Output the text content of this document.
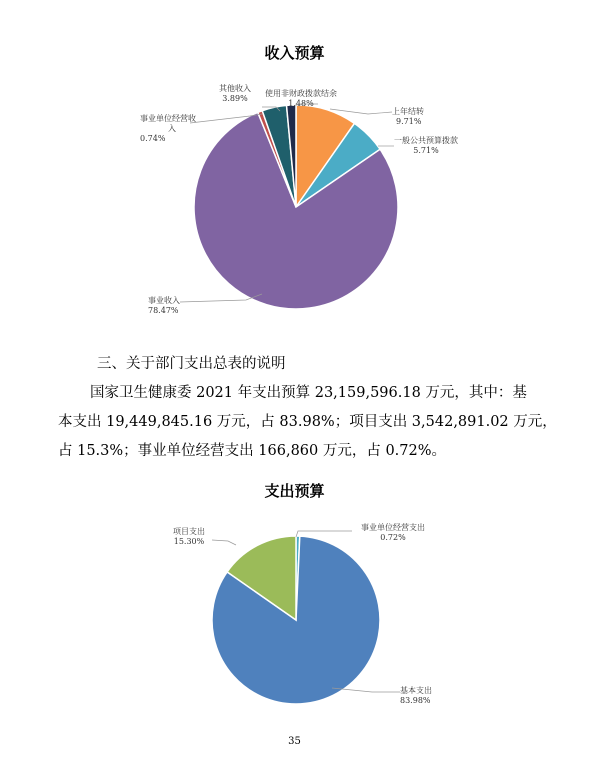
收入预算
其他收入
3.89%
使用非财政拨款结余
1.48%
事业单位经营收
入
0.74%
上年结转
9.71%
一般公共预算拨款
5.71%
事业收入
78.47%
三、关于部门支出总表的说明
国家卫生健康委 2021 年支出预算 23,159,596.18 万元，其中：基
本支出 19,449,845.16 万元，占 83.98%；项目支出 3,542,891.02 万元，
占 15.3%；事业单位经营支出 166,860 万元，占 0.72%。
支出预算
项目支出
15.30%
事业单位经营支出
0.72%
基本支出
83.98%
35
